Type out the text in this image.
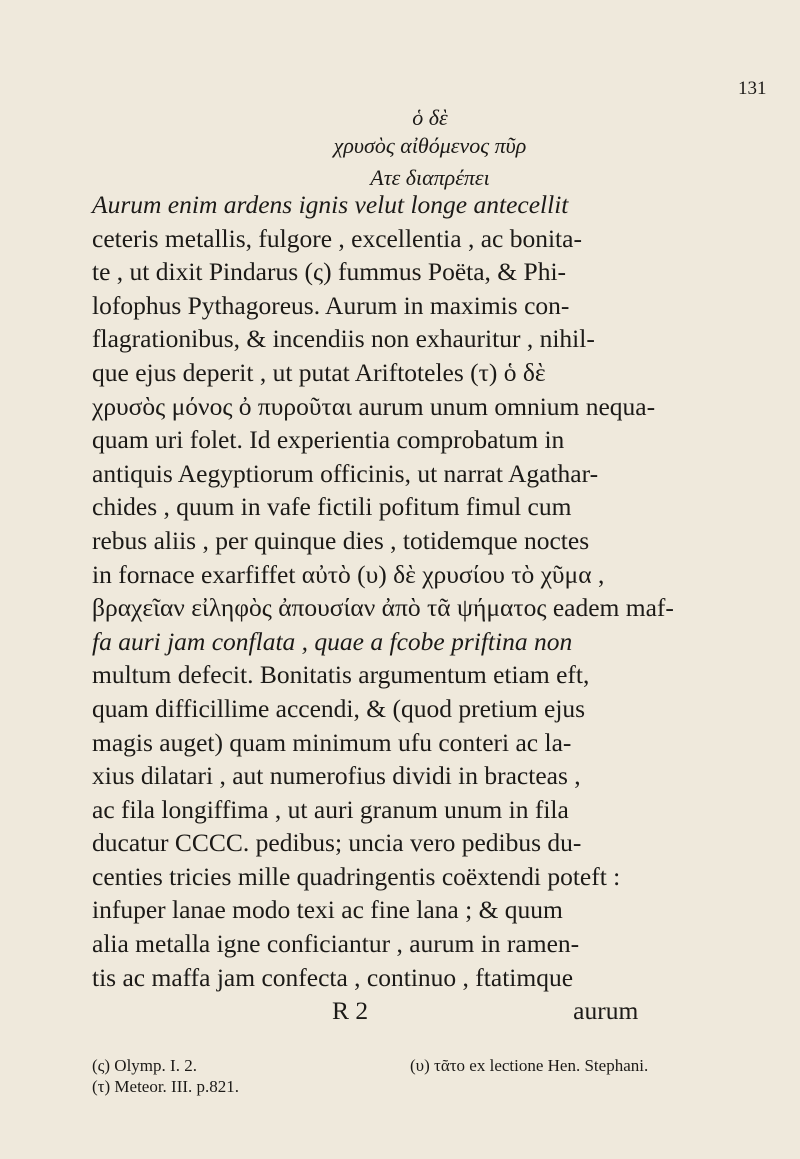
131
ὁ δὲ
χρυσὸς αἰθόμενος πῦρ
Ατε διαπρέπει
Aurum enim ardens ignis velut longe antecellit
ceteris metallis, fulgore , excellentia , ac bonita-
te , ut dixit Pindarus (ς) fummus Poëta, & Phi-
lofophus Pythagoreus. Aurum in maximis con-
flagrationibus, & incendiis non exhauritur , nihil-
que ejus deperit , ut putat Ariftoteles (τ) ὁ δὲ
χρυσὸς μόνος ὀ πυροῦται aurum unum omnium nequa-
quam uri folet. Id experientia comprobatum in
antiquis Aegyptiorum officinis, ut narrat Agathar-
chides , quum in vafe fictili pofitum fimul cum
rebus aliis , per quinque dies , totidemque noctes
in fornace exarfiffet αὐτὸ (υ) δὲ χρυσίου τὸ χῦμα ,
βραχεῖαν εἰληφὸς ἀπουσίαν ἀπὸ τᾶ ψήματος eadem maf-
fa auri jam conflata , quae a fcobe priftina non
multum defecit. Bonitatis argumentum etiam eft,
quam difficillime accendi, & (quod pretium ejus
magis auget) quam minimum ufu conteri ac la-
xius dilatari , aut numerofius dividi in bracteas ,
ac fila longiffima , ut auri granum unum in fila
ducatur CCCC. pedibus; uncia vero pedibus du-
centies tricies mille quadringentis coëxtendi poteft :
infuper lanae modo texi ac fine lana ; & quum
alia metalla igne conficiantur , aurum in ramen-
tis ac maffa jam confecta , continuo , ftatimque
R 2	aurum
(ς) Olymp. I. 2.
(τ) Meteor. III. p.821.
(υ) τᾶτο ex lectione Hen. Stephani.
